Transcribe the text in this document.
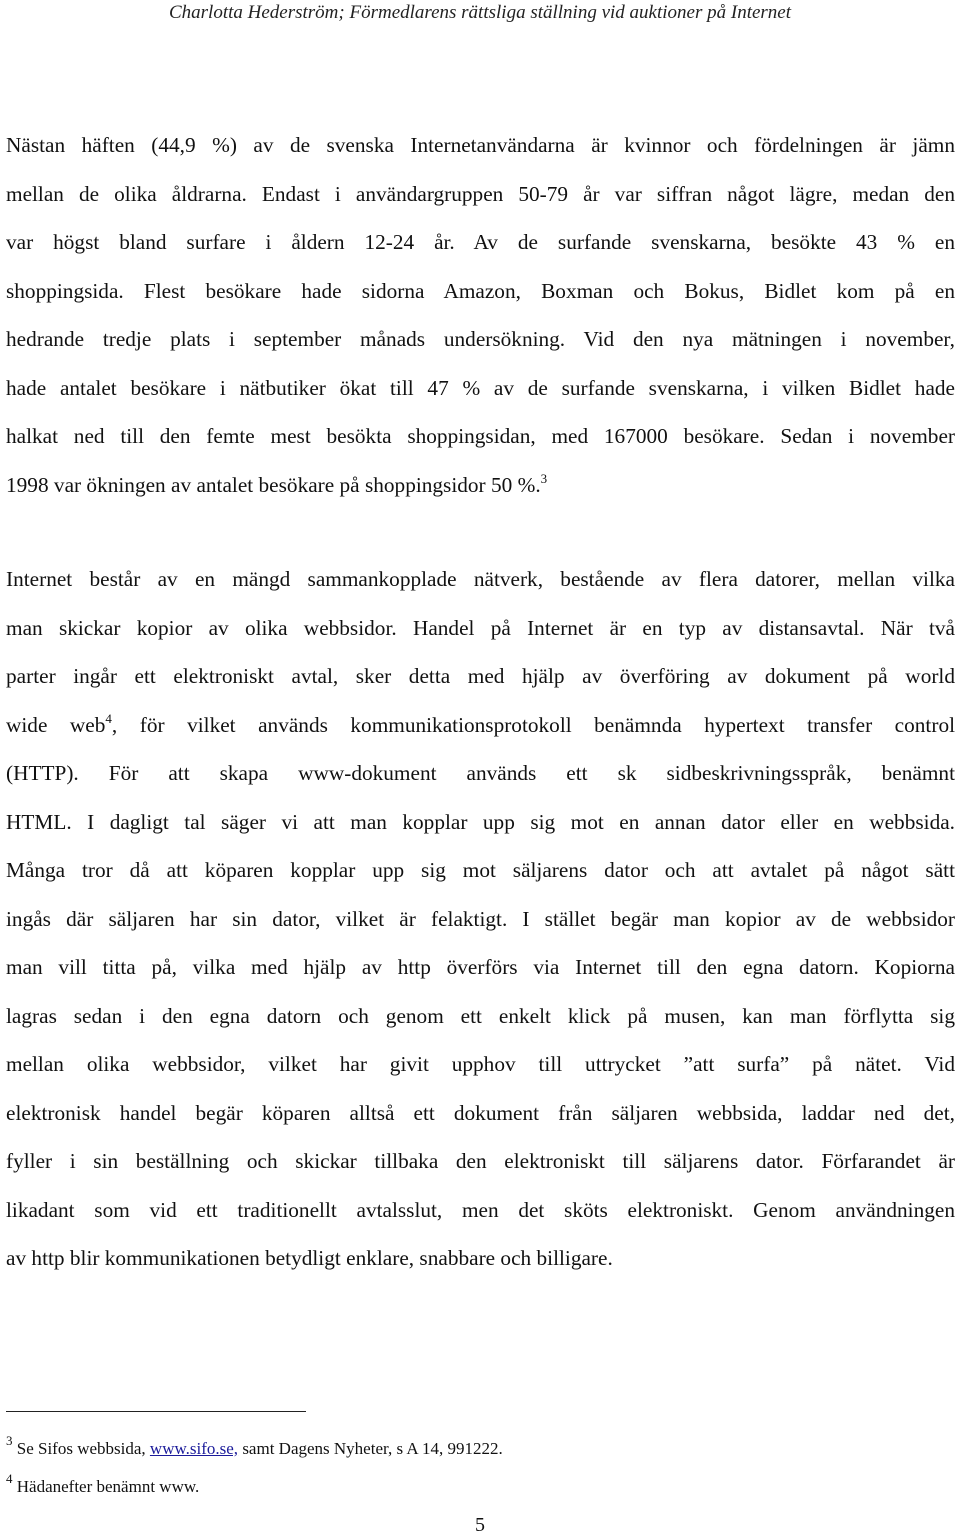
Charlotta Hederström; Förmedlarens rättsliga ställning vid auktioner på Internet
Nästan häften (44,9 %) av de svenska Internetanvändarna är kvinnor och fördelningen är jämn
mellan de olika åldrarna. Endast i användargruppen 50-79 år var siffran något lägre, medan den
var högst bland surfare i åldern 12-24 år. Av de surfande svenskarna, besökte 43 % en
shoppingsida. Flest besökare hade sidorna Amazon, Boxman och Bokus, Bidlet kom på en
hedrande tredje plats i september månads undersökning. Vid den nya mätningen i november,
hade antalet besökare i nätbutiker ökat till 47 % av de surfande svenskarna, i vilken Bidlet hade
halkat ned till den femte mest besökta shoppingsidan, med 167000 besökare. Sedan i november
1998 var ökningen av antalet besökare på shoppingsidor 50 %.$^3$
Internet består av en mängd sammankopplade nätverk, bestående av flera datorer, mellan vilka
man skickar kopior av olika webbsidor. Handel på Internet är en typ av distansavtal. När två
parter ingår ett elektroniskt avtal, sker detta med hjälp av överföring av dokument på world
wide web$^4$, för vilket används kommunikationsprotokoll benämnda hypertext transfer control
(HTTP). För att skapa www-dokument används ett sk sidbeskrivningsspråk, benämnt
HTML. I dagligt tal säger vi att man kopplar upp sig mot en annan dator eller en webbsida.
Många tror då att köparen kopplar upp sig mot säljarens dator och att avtalet på något sätt
ingås där säljaren har sin dator, vilket är felaktigt. I stället begär man kopior av de webbsidor
man vill titta på, vilka med hjälp av http överförs via Internet till den egna datorn. Kopiorna
lagras sedan i den egna datorn och genom ett enkelt klick på musen, kan man förflytta sig
mellan olika webbsidor, vilket har givit upphov till uttrycket ”att surfa” på nätet. Vid
elektronisk handel begär köparen alltså ett dokument från säljaren webbsida, laddar ned det,
fyller i sin beställning och skickar tillbaka den elektroniskt till säljarens dator. Förfarandet är
likadant som vid ett traditionellt avtalsslut, men det sköts elektroniskt. Genom användningen
av http blir kommunikationen betydligt enklare, snabbare och billigare.
$^3$ Se Sifos webbsida, www.sifo.se, samt Dagens Nyheter, s A 14, 991222.
$^4$ Hädanefter benämnt www.
5
